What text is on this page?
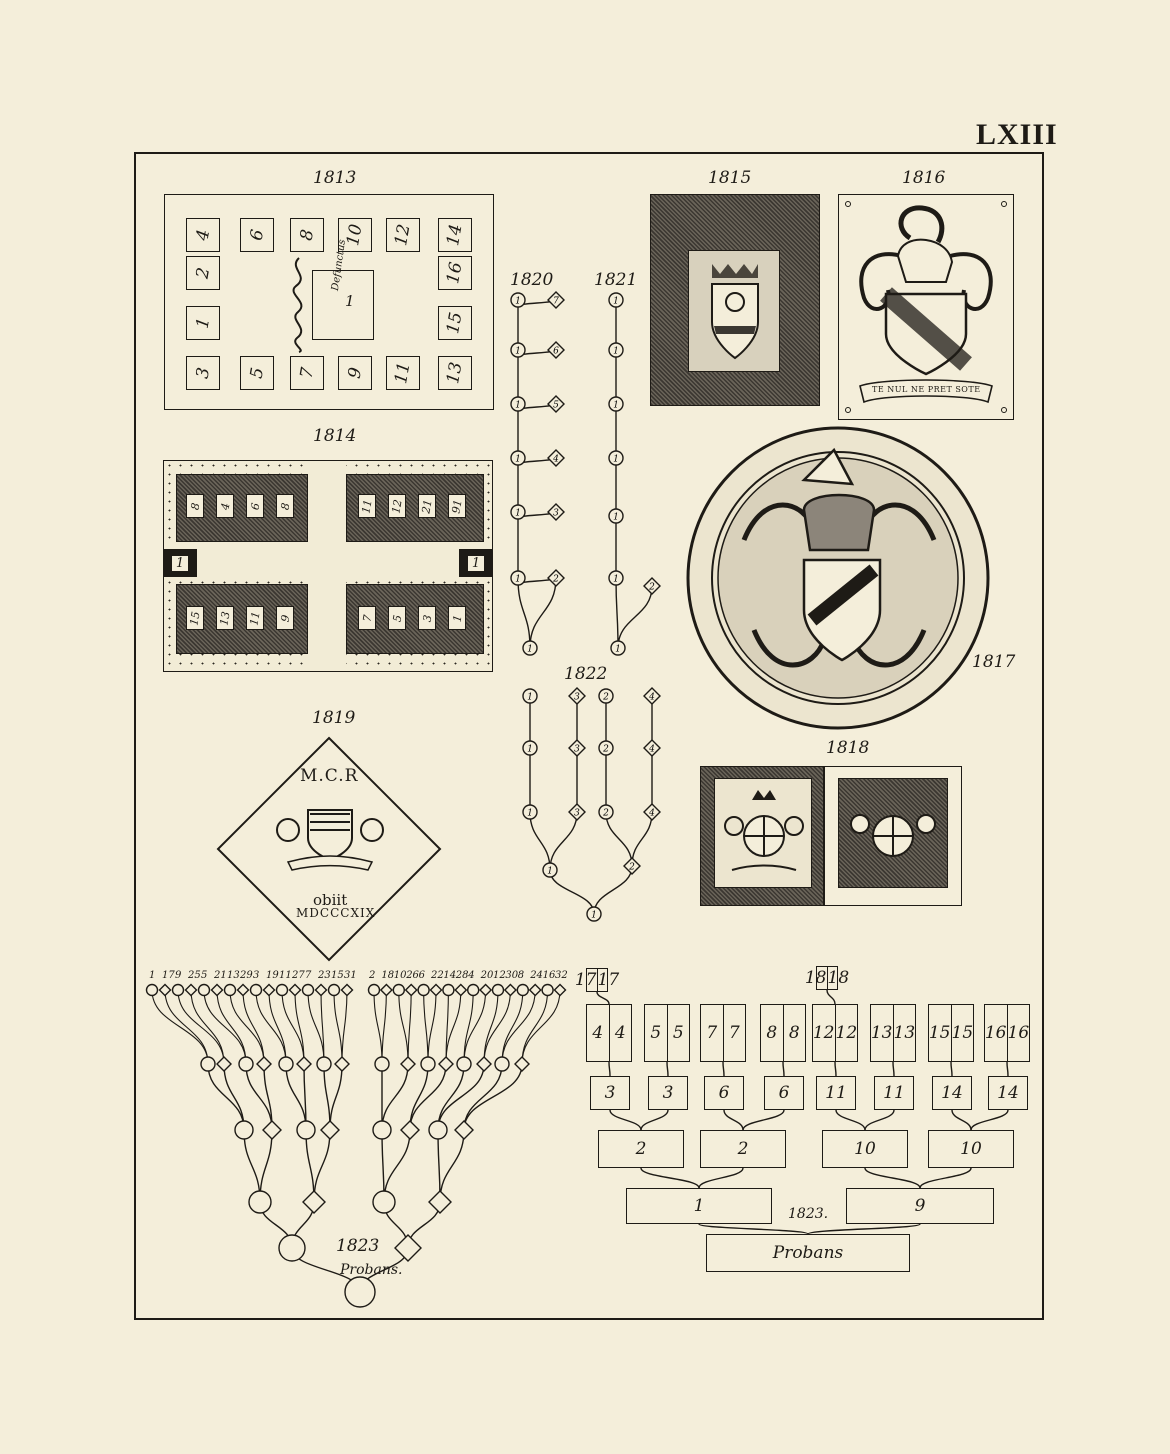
LXIII
1813
4 6 8 10 12 14
2	16
1	15
3 5 7 9 11 13
1
Defunctus
1814
8 4 6 8	11 12 21 91
15 13 11 9	7 5 3 1
1	1
1815	1816
TE NUL NE PRET SOTE
1817
1818
1819
M.C.R
obiit
MDCCCXIX
1820 1821
1822
1
1
1
1
1
1
1
7
6
5
4
3
2
1
1
1
1
1
1
1
2
1
1
1
3
3
3
2
2
2
4
4
4
1	2
1
1 17 9 25 5 21 13 29 3 19 11 27 7 23 15 31 2 18 10 26 6 22 14 28 4 20 12 30 8 24 16 32
1823
Probans.
17 17	18 18
4 4	5 5	7 7	8 8 12 12 13 13 15 15 16 16
3	3	6	6	11	11	14	14
2	2	10	10
1	9
Probans
1823.
